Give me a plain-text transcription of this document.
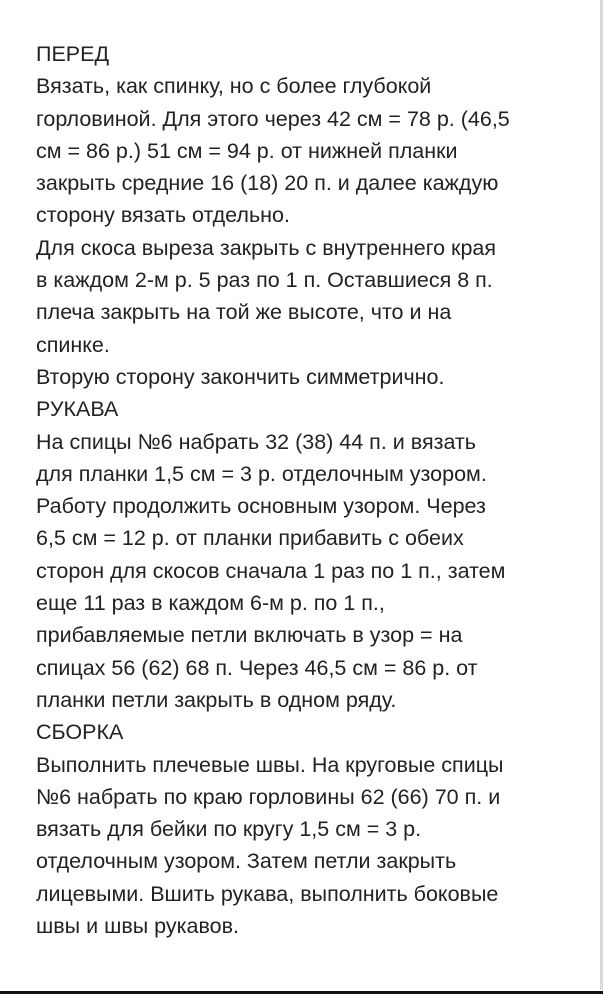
ПЕРЕД
Вязать, как спинку, но с более глубокой
горловиной. Для этого через 42 см = 78 р. (46,5
см = 86 р.) 51 см = 94 р. от нижней планки
закрыть средние 16 (18) 20 п. и далее каждую
сторону вязать отдельно.
Для скоса выреза закрыть с внутреннего края
в каждом 2-м р. 5 раз по 1 п. Оставшиеся 8 п.
плеча закрыть на той же высоте, что и на
спинке.
Вторую сторону закончить симметрично.
РУКАВА
На спицы №6 набрать 32 (38) 44 п. и вязать
для планки 1,5 см = 3 р. отделочным узором.
Работу продолжить основным узором. Через
6,5 см = 12 р. от планки прибавить с обеих
сторон для скосов сначала 1 раз по 1 п., затем
еще 11 раз в каждом 6-м р. по 1 п.,
прибавляемые петли включать в узор = на
спицах 56 (62) 68 п. Через 46,5 см = 86 р. от
планки петли закрыть в одном ряду.
СБОРКА
Выполнить плечевые швы. На круговые спицы
№6 набрать по краю горловины 62 (66) 70 п. и
вязать для бейки по кругу 1,5 см = 3 р.
отделочным узором. Затем петли закрыть
лицевыми. Вшить рукава, выполнить боковые
швы и швы рукавов.
